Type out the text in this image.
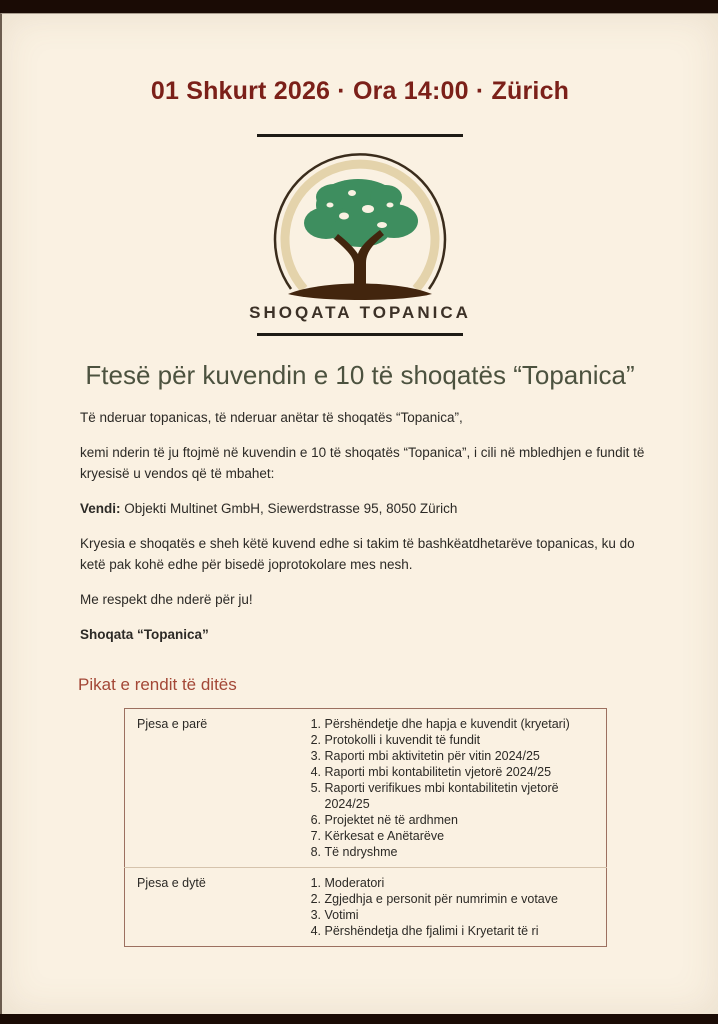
01 Shkurt 2026 · Ora 14:00 · Zürich
SHOQATA TOPANICA
Ftesë për kuvendin e 10 të shoqatës “Topanica”

Të nderuar topanicas, të nderuar anëtar të shoqatës “Topanica”,

kemi nderin të ju ftojmë në kuvendin e 10 të shoqatës “Topanica”, i cili në mbledhjen e fundit të kryesisë u vendos që të mbahet:

Vendi: Objekti Multinet GmbH, Siewerdstrasse 95, 8050 Zürich

Kryesia e shoqatës e sheh këtë kuvend edhe si takim të bashkëatdhetarëve topanicas, ku do ketë pak kohë edhe për bisedë joprotokolare mes nesh.

Me respekt dhe nderë për ju!

Shoqata “Topanica”

Pikat e rendit të ditës
Pjesa e parë	
1.Përshëndetje dhe hapja e kuvendit (kryetari)
2. Protokolli i kuvendit të fundit
3. Raporti mbi aktivitetin për vitin 2024/25
4. Raporti mbi kontabilitetin vjetorë 2024/25
5. Raporti verifikues mbi kontabilitetin vjetorë 2024/25
6. Projektet në të ardhmen
7. Kërkesat e Anëtarëve
8. Të ndryshme

Pjesa e dytë	
1.Moderatori
2. Zgjedhja e personit për numrimin e votave
3. Votimi
4. Përshëndetja dhe fjalimi i Kryetarit të ri
